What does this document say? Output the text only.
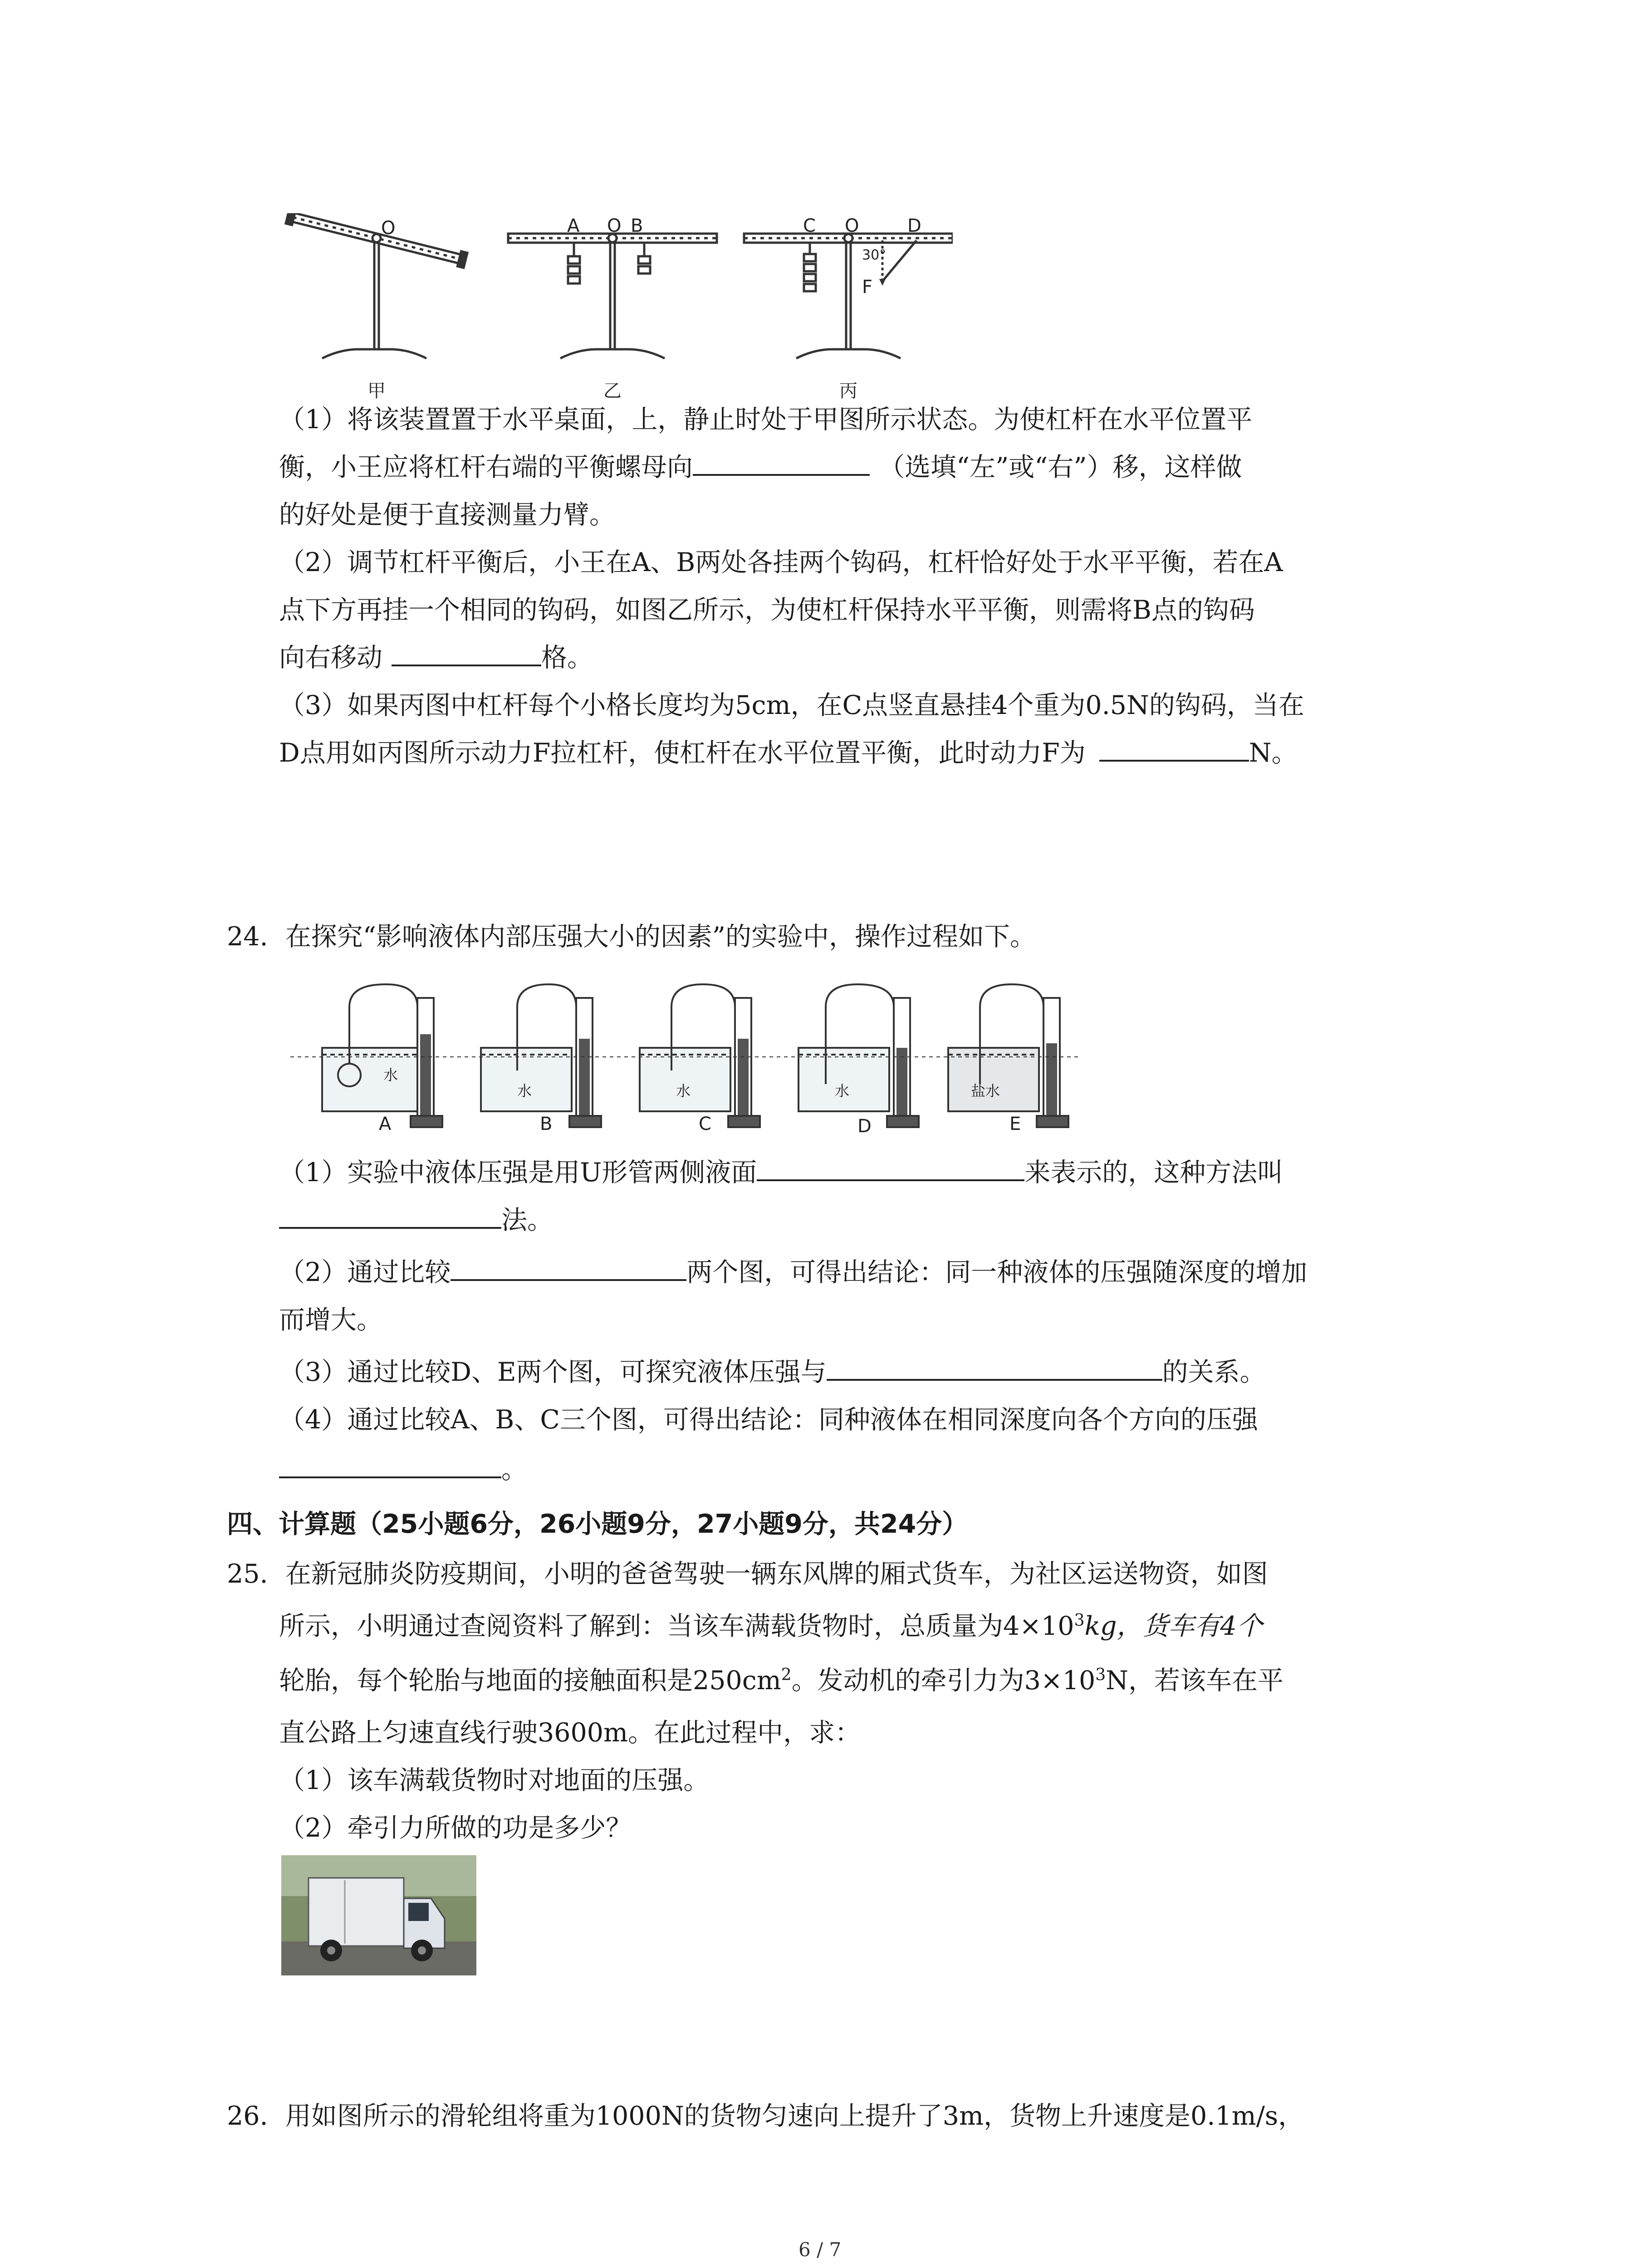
O	A O B	C O	D
30°
F
甲	乙	丙
（1）将该装置置于水平桌面，上，静止时处于甲图所示状态。为使杠杆在水平位置平
衡，小王应将杠杆右端的平衡螺母向	（选填“左”或“右”）移，这样做
的好处是便于直接测量力臂。
（2）调节杠杆平衡后，小王在A、B两处各挂两个钩码，杠杆恰好处于水平平衡，若在A
点下方再挂一个相同的钩码，如图乙所示，为使杠杆保持水平平衡，则需将B点的钩码
向右移动	格。
（3）如果丙图中杠杆每个小格长度均为5cm，在C点竖直悬挂4个重为0.5N的钩码，当在
D点用如丙图所示动力F拉杠杆，使杠杆在水平位置平衡，此时动力F为	N。
24. 在探究“影响液体内部压强大小的因素”的实验中，操作过程如下。
A	B	C	D	E
水
水	水	水	盐水
（1）实验中液体压强是用U形管两侧液面	来表示的，这种方法叫
法。
（2）通过比较	两个图，可得出结论：同一种液体的压强随深度的增加
而增大。
（3）通过比较D、E两个图，可探究液体压强与	的关系。
（4）通过比较A、B、C三个图，可得出结论：同种液体在相同深度向各个方向的压强
。
四、计算题（25小题6分，26小题9分，27小题9分，共24分）
25. 在新冠肺炎防疫期间，小明的爸爸驾驶一辆东风牌的厢式货车，为社区运送物资，如图
所示，小明通过查阅资料了解到：当该车满载货物时，总质量为$4\times 10^3kg$，货车有4个
轮胎，每个轮胎与地面的接触面积是$250cm^2$。发动机的牵引力为$3\times 10^3N$，若该车在平
直公路上匀速直线行驶3600m。在此过程中，求：
（1）该车满载货物时对地面的压强。
（2）牵引力所做的功是多少？
26. 用如图所示的滑轮组将重为1000N的货物匀速向上提升了3m，货物上升速度是0.1m/s，
6 / 7
